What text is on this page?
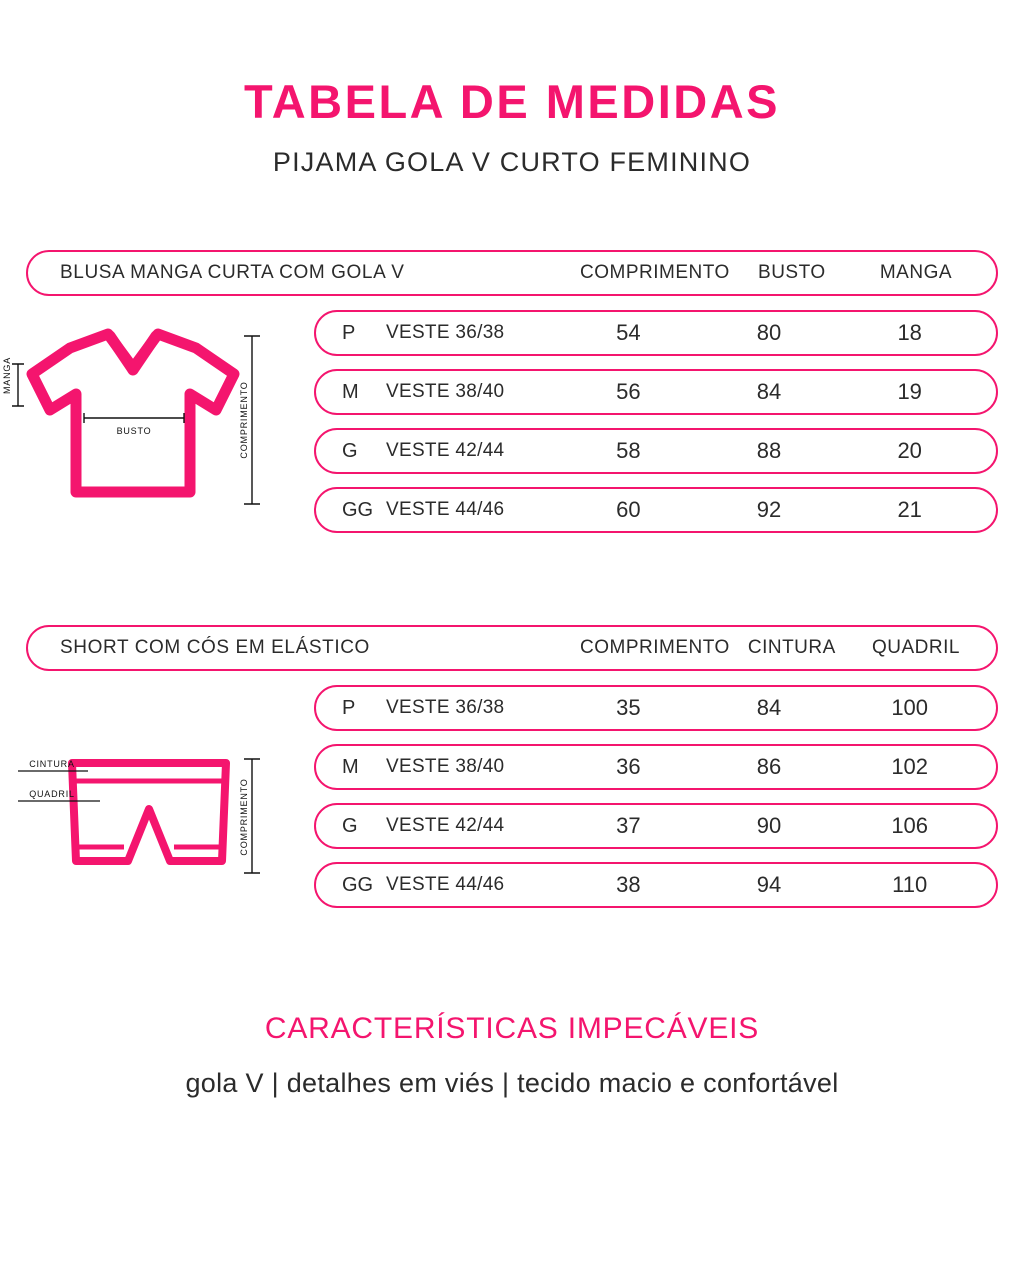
TABELA DE MEDIDAS

PIJAMA GOLA V CURTO FEMININO

MANGA
BUSTO	COMPRIMENTO
BLUSA MANGA CURTA COM GOLA V	COMPRIMENTO	BUSTO	MANGA
P	VESTE 36/38	54	80	18
M	VESTE 38/40	56	84	19
G	VESTE 42/44	58	88	20
GG VESTE 44/46	60	92	21
CINTURA
QUADRIL	COMPRIMENTO
SHORT COM CÓS EM ELÁSTICO	COMPRIMENTO CINTURA	QUADRIL
P	VESTE 36/38	35	84	100
M	VESTE 38/40	36	86	102
G	VESTE 42/44	37	90	106
GG VESTE 44/46	38	94	110

CARACTERÍSTICAS IMPECÁVEIS

gola V | detalhes em viés | tecido macio e confortável
